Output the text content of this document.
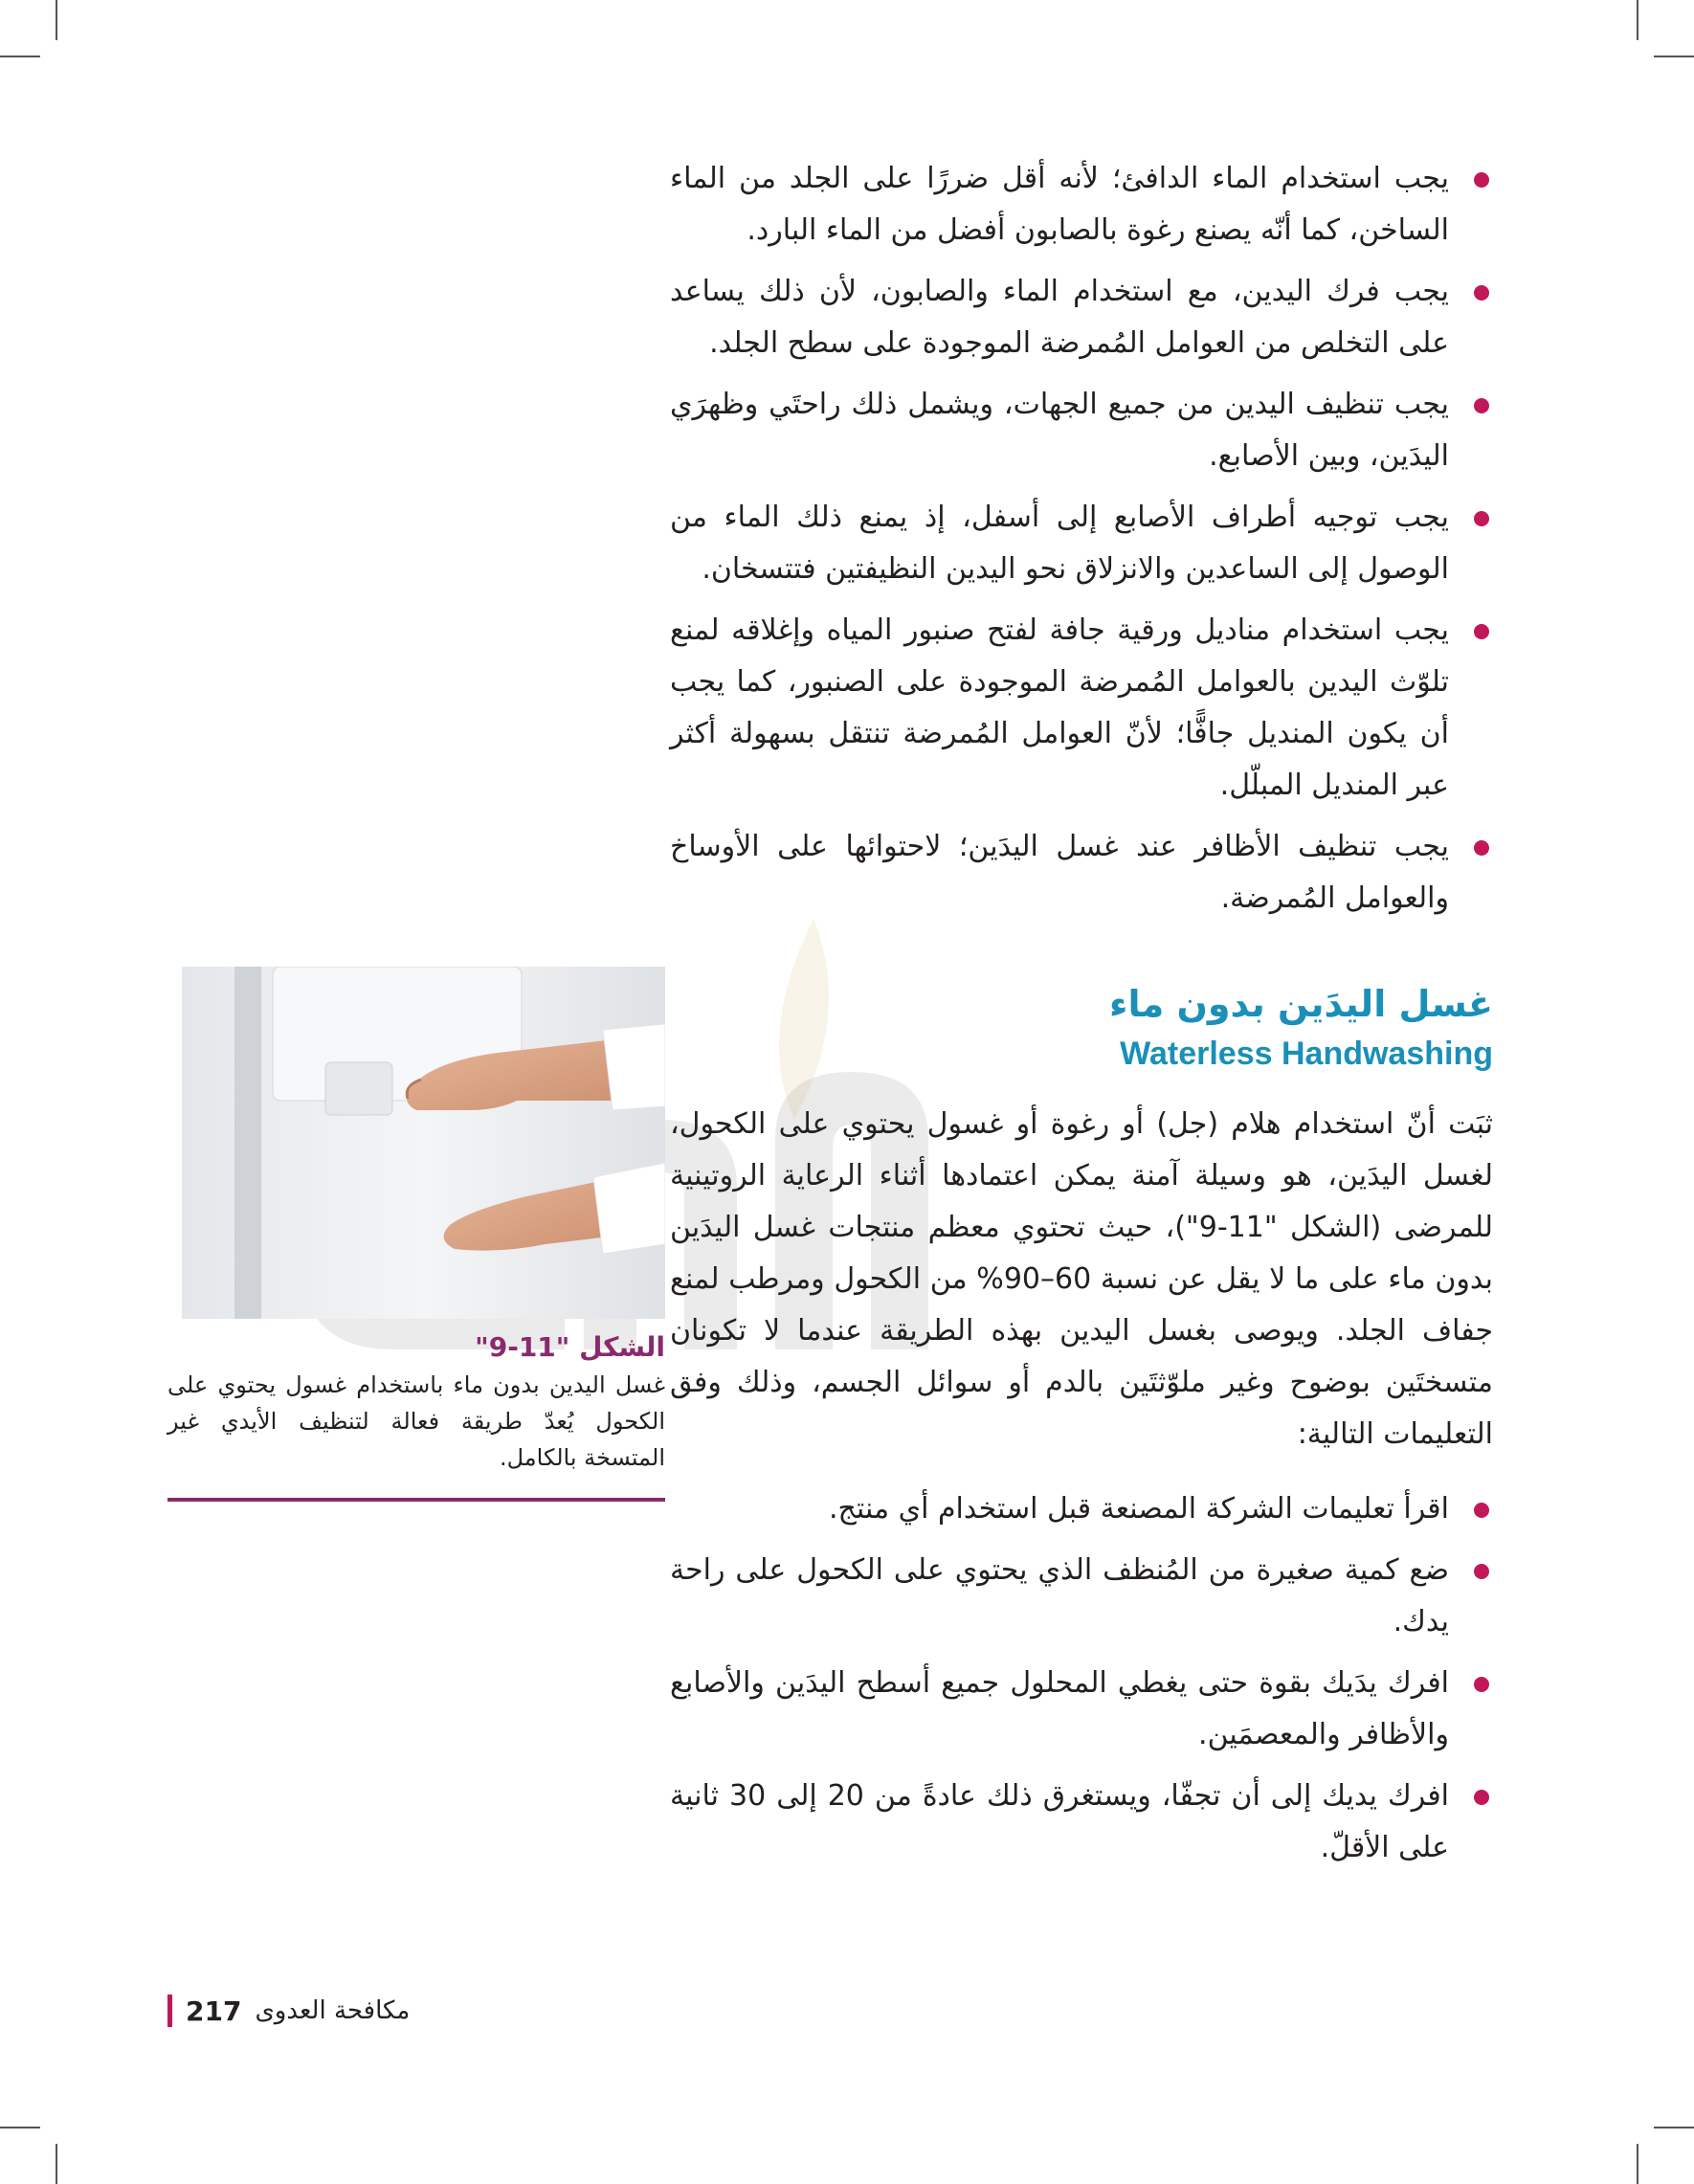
يجب استخدام الماء الدافئ؛ لأنه أقل ضررًا على الجلد من الماء الساخن، كما أنّه يصنع رغوة بالصابون أفضل من الماء البارد.
يجب فرك اليدين، مع استخدام الماء والصابون، لأن ذلك يساعد على التخلص من العوامل المُمرضة الموجودة على سطح الجلد.
يجب تنظيف اليدين من جميع الجهات، ويشمل ذلك راحتَي وظهرَي اليدَين، وبين الأصابع.
يجب توجيه أطراف الأصابع إلى أسفل، إذ يمنع ذلك الماء من الوصول إلى الساعدين والانزلاق نحو اليدين النظيفتين فتتسخان.
يجب استخدام مناديل ورقية جافة لفتح صنبور المياه وإغلاقه لمنع تلوّث اليدين بالعوامل المُمرضة الموجودة على الصنبور، كما يجب أن يكون المنديل جافًّا؛ لأنّ العوامل المُمرضة تنتقل بسهولة أكثر عبر المنديل المبلّل.
يجب تنظيف الأظافر عند غسل اليدَين؛ لاحتوائها على الأوساخ والعوامل المُمرضة.
غسل اليدَين بدون ماء
Waterless Handwashing

ثبَت أنّ استخدام هلام (جل) أو رغوة أو غسول يحتوي على الكحول، لغسل اليدَين، هو وسيلة آمنة يمكن اعتمادها أثناء الرعاية الروتينية للمرضى (الشكل "11-9")، حيث تحتوي معظم منتجات غسل اليدَين بدون ماء على ما لا يقل عن نسبة 60–90% من الكحول ومرطب لمنع جفاف الجلد. ويوصى بغسل اليدين بهذه الطريقة عندما لا تكونان متسختَين بوضوح وغير ملوّثتَين بالدم أو سوائل الجسم، وذلك وفق التعليمات التالية:

اقرأ تعليمات الشركة المصنعة قبل استخدام أي منتج.
ضع كمية صغيرة من المُنظف الذي يحتوي على الكحول على راحة يدك.
افرك يدَيك بقوة حتى يغطي المحلول جميع أسطح اليدَين والأصابع والأظافر والمعصمَين.
افرك يديك إلى أن تجفّا، ويستغرق ذلك عادةً من 20 إلى 30 ثانية على الأقلّ.
الشكل "11-9"
غسل اليدين بدون ماء باستخدام غسول يحتوي على الكحول يُعدّ طريقة فعالة لتنظيف الأيدي غير المتسخة بالكامل.
217 مكافحة العدوى
